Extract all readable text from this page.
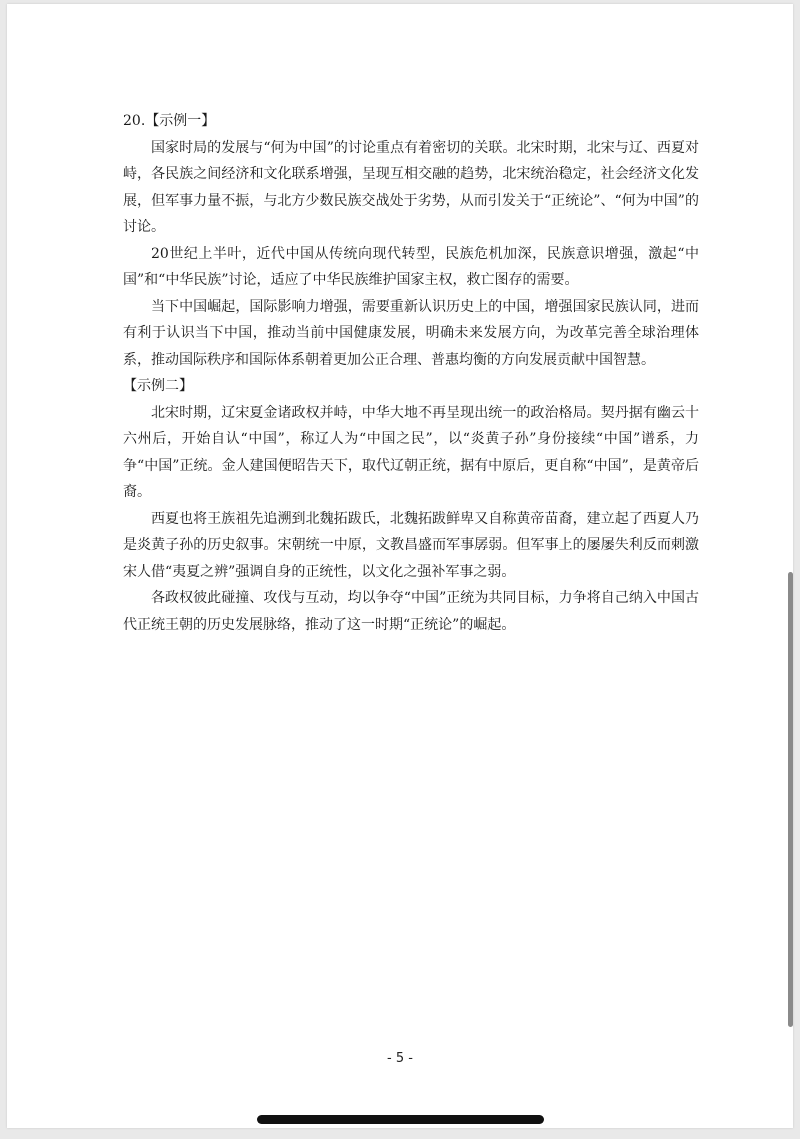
20.【示例一】

国家时局的发展与“何为中国”的讨论重点有着密切的关联。北宋时期，北宋与辽、西夏对峙，各民族之间经济和文化联系增强，呈现互相交融的趋势，北宋统治稳定，社会经济文化发展，但军事力量不振，与北方少数民族交战处于劣势，从而引发关于“正统论”、“何为中国”的讨论。

20世纪上半叶，近代中国从传统向现代转型，民族危机加深，民族意识增强，激起“中国”和“中华民族”讨论，适应了中华民族维护国家主权，救亡图存的需要。

当下中国崛起，国际影响力增强，需要重新认识历史上的中国，增强国家民族认同，进而有利于认识当下中国，推动当前中国健康发展，明确未来发展方向，为改革完善全球治理体系，推动国际秩序和国际体系朝着更加公正合理、普惠均衡的方向发展贡献中国智慧。

【示例二】

北宋时期，辽宋夏金诸政权并峙，中华大地不再呈现出统一的政治格局。契丹据有幽云十六州后，开始自认“中国”，称辽人为“中国之民”，以“炎黄子孙”身份接续“中国”谱系，力争“中国”正统。金人建国便昭告天下，取代辽朝正统，据有中原后，更自称“中国”，是黄帝后裔。

西夏也将王族祖先追溯到北魏拓跋氏，北魏拓跋鲜卑又自称黄帝苗裔，建立起了西夏人乃是炎黄子孙的历史叙事。宋朝统一中原，文教昌盛而军事孱弱。但军事上的屡屡失利反而刺激宋人借“夷夏之辨”强调自身的正统性，以文化之强补军事之弱。

各政权彼此碰撞、攻伐与互动，均以争夺“中国”正统为共同目标，力争将自己纳入中国古代正统王朝的历史发展脉络，推动了这一时期“正统论”的崛起。

- 5 -
